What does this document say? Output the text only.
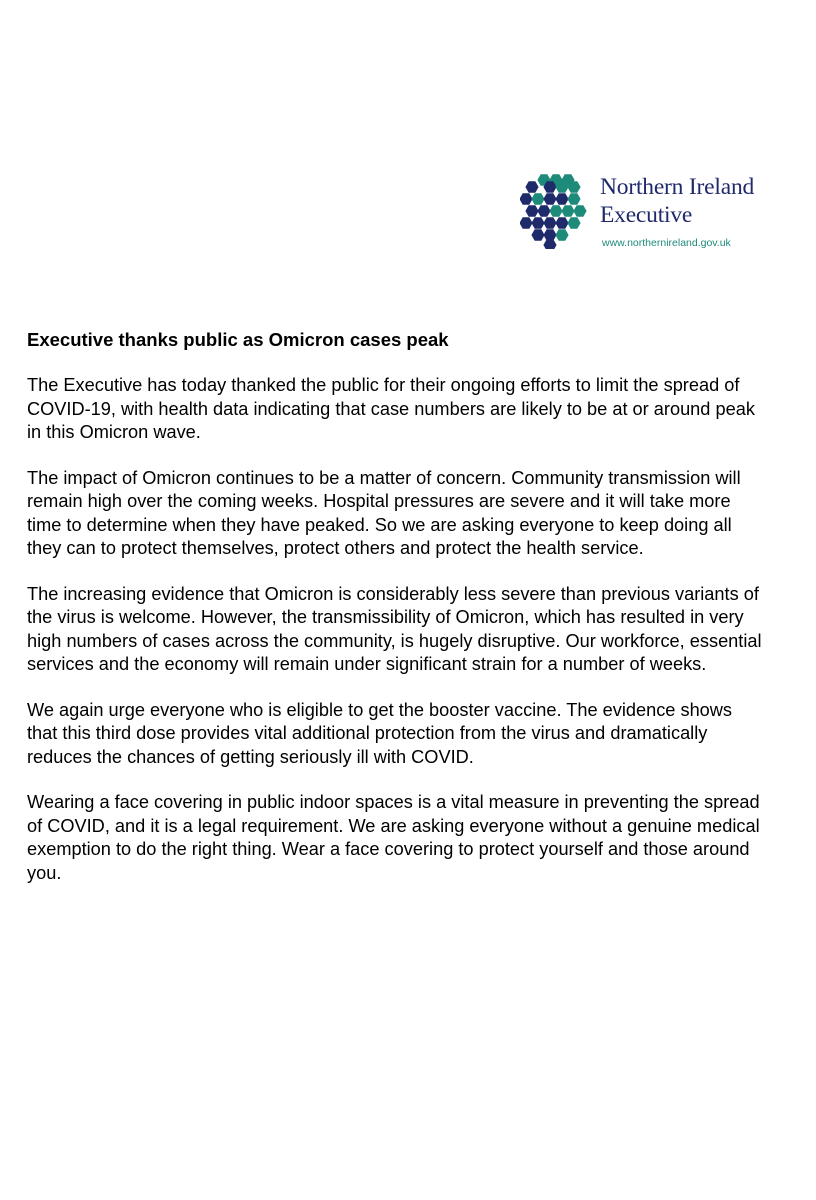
Northern Ireland
Executive
www.northernireland.gov.uk
Executive thanks public as Omicron cases peak

The Executive has today thanked the public for their ongoing efforts to limit the spread of COVID-19, with health data indicating that case numbers are likely to be at or around peak in this Omicron wave.

The impact of Omicron continues to be a matter of concern. Community transmission will remain high over the coming weeks. Hospital pressures are severe and it will take more time to determine when they have peaked. So we are asking everyone to keep doing all they can to protect themselves, protect others and protect the health service.

The increasing evidence that Omicron is considerably less severe than previous variants of the virus is welcome. However, the transmissibility of Omicron, which has resulted in very high numbers of cases across the community, is hugely disruptive. Our workforce, essential services and the economy will remain under significant strain for a number of weeks.

We again urge everyone who is eligible to get the booster vaccine. The evidence shows that this third dose provides vital additional protection from the virus and dramatically reduces the chances of getting seriously ill with COVID.

Wearing a face covering in public indoor spaces is a vital measure in preventing the spread of COVID, and it is a legal requirement. We are asking everyone without a genuine medical exemption to do the right thing. Wear a face covering to protect yourself and those around you.
